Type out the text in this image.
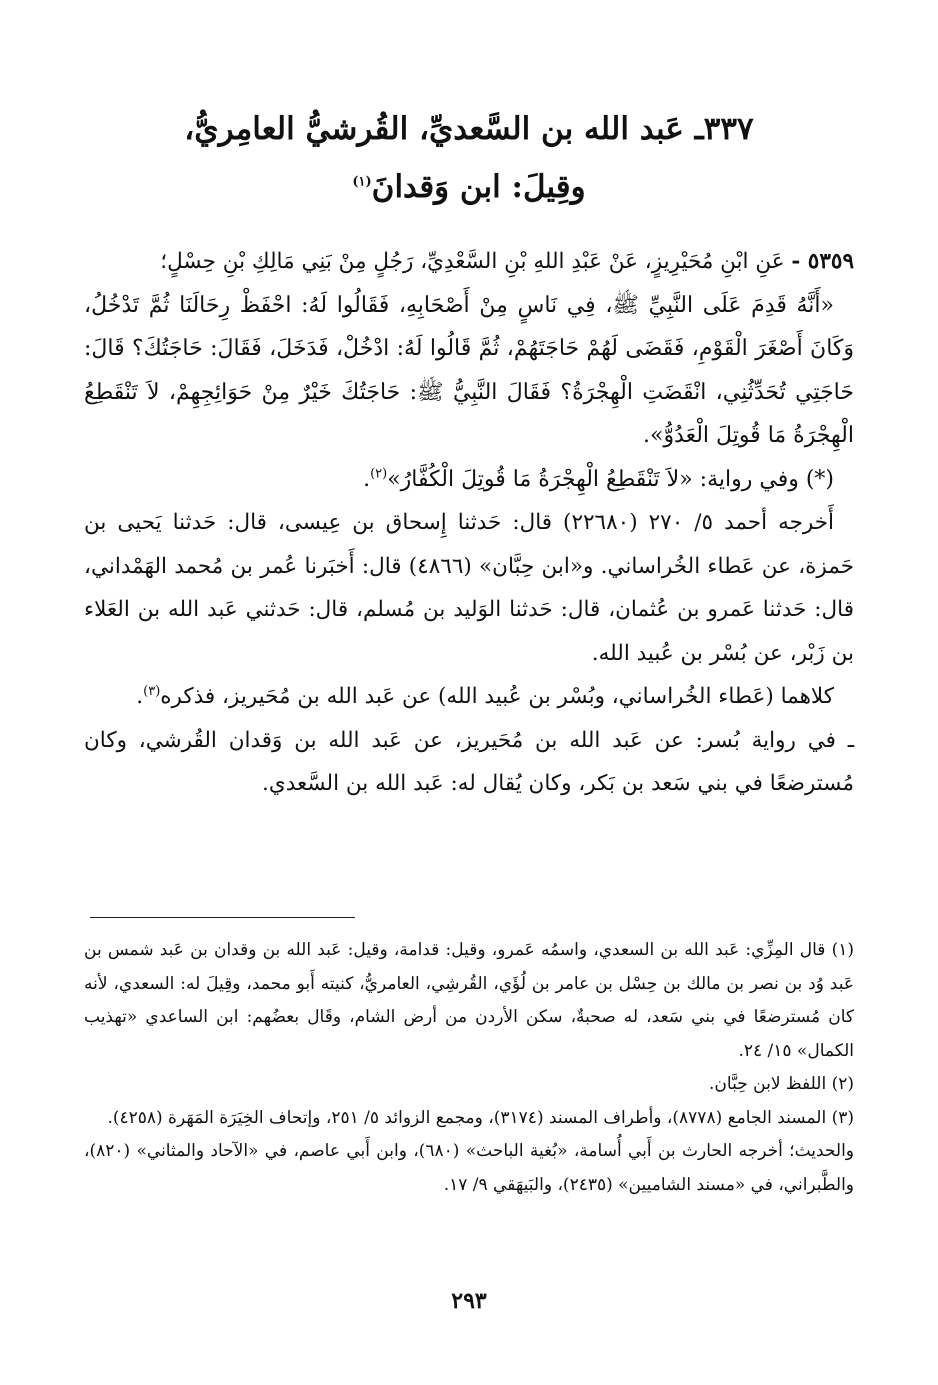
٣٣٧ـ عَبد الله بن السَّعديِّ، القُرشيُّ العامِريُّ،
وقِيلَ: ابن وَقدانَ$^{(١)}$

٥٣٥٩ - عَنِ ابْنِ مُحَيْرِيزٍ، عَنْ عَبْدِ اللهِ بْنِ السَّعْدِيِّ، رَجُلٍ مِنْ بَنِي مَالِكِ بْنِ حِسْلٍ؛

«أَنَّهُ قَدِمَ عَلَى النَّبِيِّ ﷺ، فِي نَاسٍ مِنْ أَصْحَابِهِ، فَقَالُوا لَهُ: احْفَظْ رِحَالَنَا ثُمَّ تَدْخُلُ، وَكَانَ أَصْغَرَ الْقَوْمِ، فَقَضَى لَهُمْ حَاجَتَهُمْ، ثُمَّ قَالُوا لَهُ: ادْخُلْ، فَدَخَلَ، فَقَالَ: حَاجَتُكَ؟ قَالَ: حَاجَتِي تُحَدِّثُنِي، انْقَضَتِ الْهِجْرَةُ؟ فَقَالَ النَّبِيُّ ﷺ: حَاجَتُكَ خَيْرٌ مِنْ حَوَائِجِهِمْ، لاَ تَنْقَطِعُ الْهِجْرَةُ مَا قُوتِلَ الْعَدُوُّ».

(*) وفي رواية: «لاَ تَنْقَطِعُ الْهِجْرَةُ مَا قُوتِلَ الْكُفَّارُ»$^{(٢)}$.

أَخرجه أحمد ٥/ ٢٧٠ (٢٢٦٨٠) قال: حَدثنا إِسحاق بن عِيسى، قال: حَدثنا يَحيى بن حَمزة، عن عَطاء الخُراساني. و«ابن حِبَّان» (٤٨٦٦) قال: أَخبَرنا عُمر بن مُحمد الهَمْداني، قال: حَدثنا عَمرو بن عُثمان، قال: حَدثنا الوَليد بن مُسلم، قال: حَدثني عَبد الله بن العَلاء بن زَبْر، عن بُسْر بن عُبيد الله.

كلاهما (عَطاء الخُراساني، وبُسْر بن عُبيد الله) عن عَبد الله بن مُحَيريز، فذكره$^{(٣)}$.

ـ في رواية بُسر: عن عَبد الله بن مُحَيريز، عن عَبد الله بن وَقدان القُرشي، وكان مُسترضعًا في بني سَعد بن بَكر، وكان يُقال له: عَبد الله بن السَّعدي.

(١) قال المِزِّي: عَبد الله بن السعدي، واسمُه عَمرو، وقيل: قدامة، وقيل: عَبد الله بن وقدان بن عَبد شمس بن عَبد وُد بن نصر بن مالك بن حِسْل بن عامر بن لُؤَي، القُرشِي، العامريُّ، كنيته أَبو محمد، وقِيلَ له: السعدي، لأنه كان مُسترضعًا في بني سَعد، له صحبةٌ، سكن الأردن من أرض الشام، وقَال بعضُهم: ابن الساعدي «تهذيب الكمال» ١٥/ ٢٤.

(٢) اللفظ لابن حِبَّان.

(٣) المسند الجامع (٨٧٧٨)، وأطراف المسند (٣١٧٤)، ومجمع الزوائد ٥/ ٢٥١، وإتحاف الخِيَرَة المَهَرة (٤٢٥٨).

والحديث؛ أخرجه الحارث بن أَبي أُسامة، «بُغية الباحث» (٦٨٠)، وابن أَبي عاصم، في «الآحاد والمثاني» (٨٢٠)، والطَّبراني، في «مسند الشاميين» (٢٤٣٥)، والبَيهَقي ٩/ ١٧.

٢٩٣
